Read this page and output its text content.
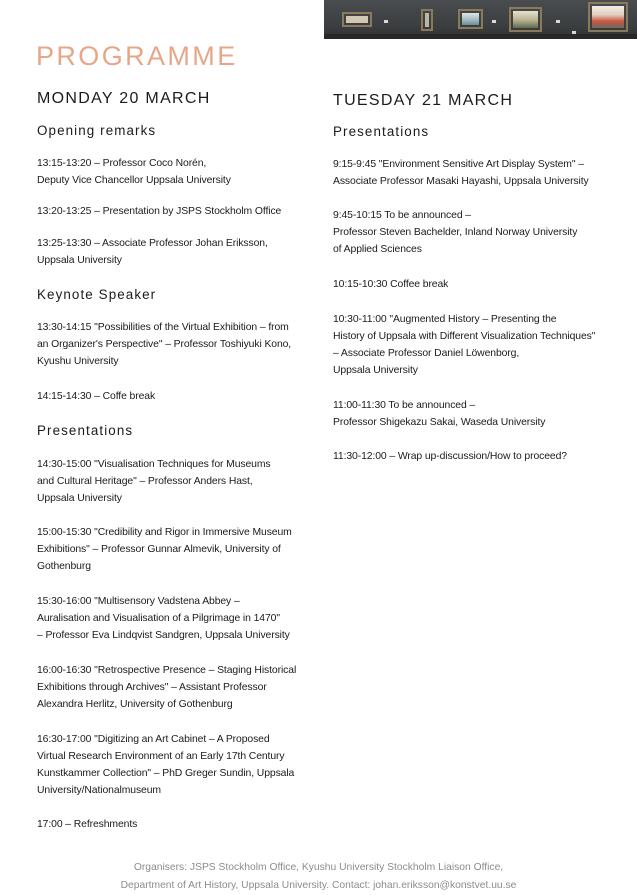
PROGRAMME
MONDAY 20 MARCH
Opening remarks
13:15-13:20 – Professor Coco Norén,
Deputy Vice Chancellor Uppsala University
13:20-13:25 – Presentation by JSPS Stockholm Office
13:25-13:30 – Associate Professor Johan Eriksson,
Uppsala University
Keynote Speaker
13:30-14:15 "Possibilities of the Virtual Exhibition – from
an Organizer's Perspective" – Professor Toshiyuki Kono,
Kyushu University
14:15-14:30 – Coffe break
Presentations
14:30-15:00 "Visualisation Techniques for Museums
and Cultural Heritage" – Professor Anders Hast,
Uppsala University
15:00-15:30 "Credibility and Rigor in Immersive Museum
Exhibitions" – Professor Gunnar Almevik, University of
Gothenburg
15:30-16:00 "Multisensory Vadstena Abbey –
Auralisation and Visualisation of a Pilgrimage in 1470"
– Professor Eva Lindqvist Sandgren, Uppsala University
16:00-16:30 "Retrospective Presence – Staging Historical
Exhibitions through Archives" – Assistant Professor
Alexandra Herlitz, University of Gothenburg
16:30-17:00 "Digitizing an Art Cabinet – A Proposed
Virtual Research Environment of an Early 17th Century
Kunstkammer Collection" – PhD Greger Sundin, Uppsala
University/Nationalmuseum
17:00 – Refreshments
TUESDAY 21 MARCH
Presentations
9:15-9:45 "Environment Sensitive Art Display System" –
Associate Professor Masaki Hayashi, Uppsala University
9:45-10:15 To be announced –
Professor Steven Bachelder, Inland Norway University
of Applied Sciences
10:15-10:30 Coffee break
10:30-11:00 "Augmented History – Presenting the
History of Uppsala with Different Visualization Techniques"
– Associate Professor Daniel Löwenborg,
Uppsala University
11:00-11:30 To be announced –
Professor Shigekazu Sakai, Waseda University
11:30-12:00 – Wrap up-discussion/How to proceed?
Organisers: JSPS Stockholm Office, Kyushu University Stockholm Liaison Office,
Department of Art History, Uppsala University. Contact: johan.eriksson@konstvet.uu.se
